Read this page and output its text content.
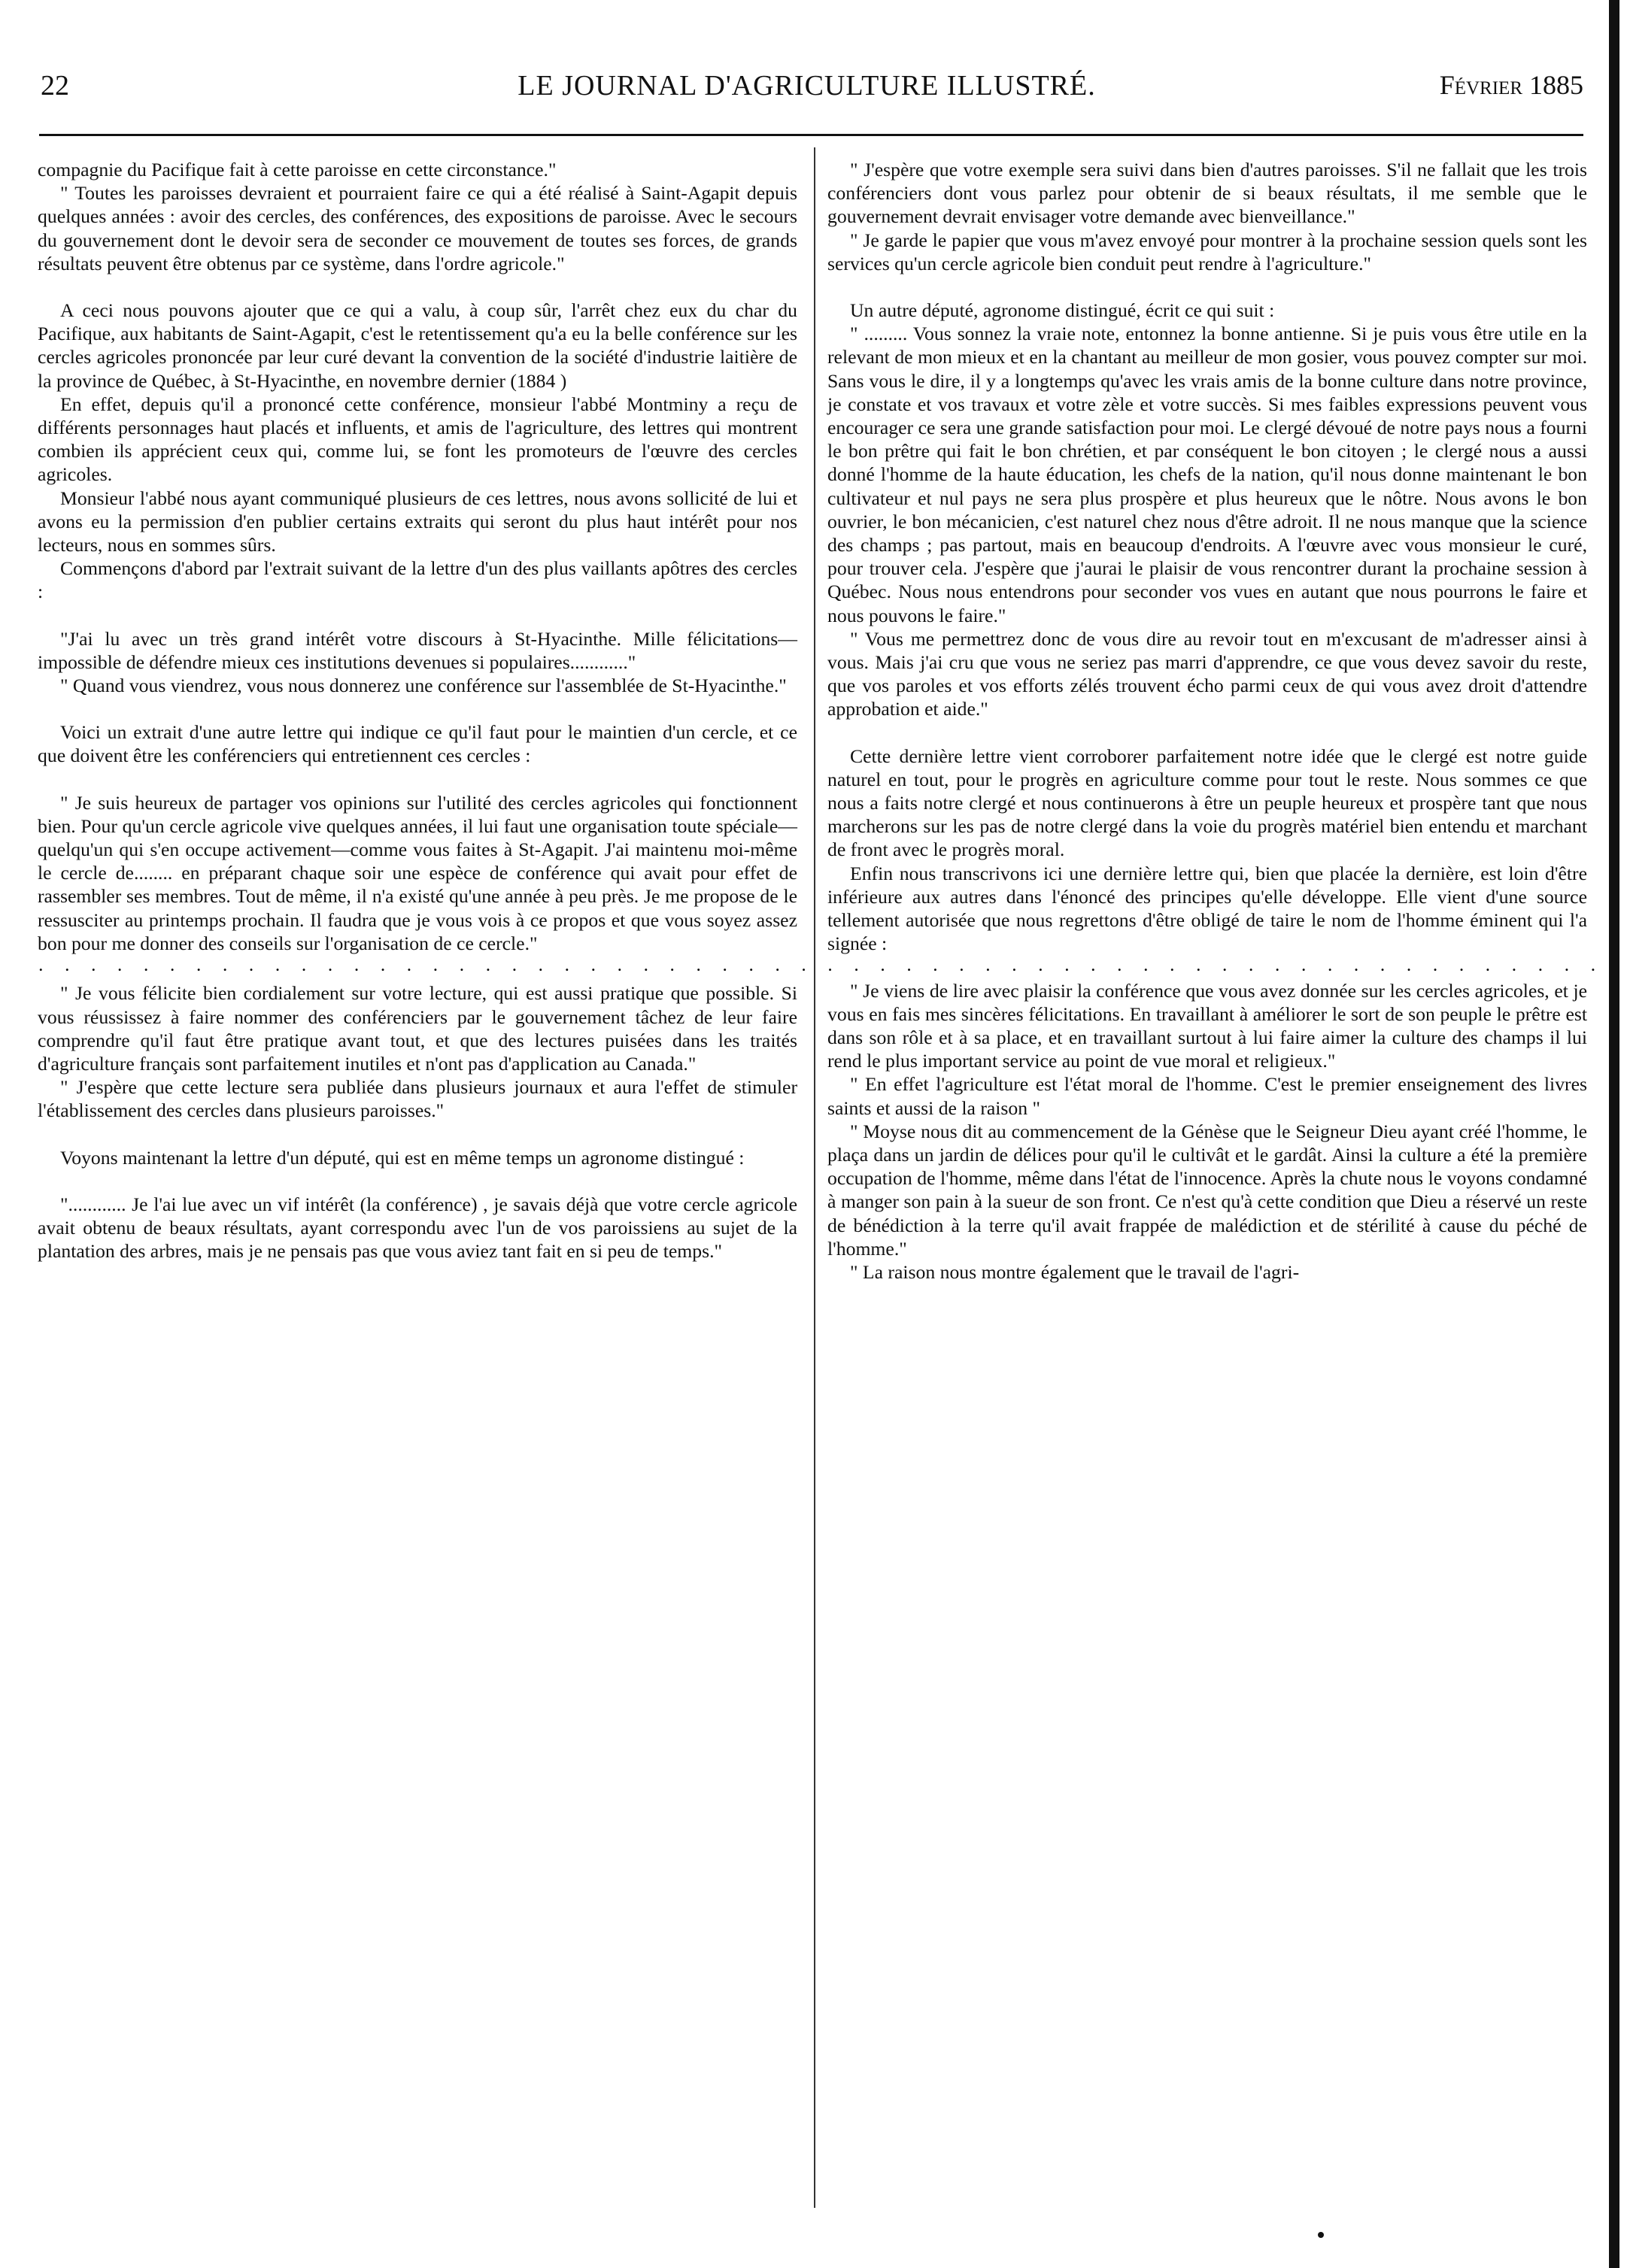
22	LE JOURNAL D'AGRICULTURE ILLUSTRÉ.	Février 1885

compagnie du Pacifique fait à cette paroisse en cette circonstance."

" Toutes les paroisses devraient et pourraient faire ce qui a été réalisé à Saint-Agapit depuis quelques années : avoir des cercles, des conférences, des expositions de paroisse. Avec le secours du gouvernement dont le devoir sera de seconder ce mouvement de toutes ses forces, de grands résultats peuvent être obtenus par ce système, dans l'ordre agricole."

A ceci nous pouvons ajouter que ce qui a valu, à coup sûr, l'arrêt chez eux du char du Pacifique, aux habitants de Saint-Agapit, c'est le retentissement qu'a eu la belle conférence sur les cercles agricoles prononcée par leur curé devant la convention de la société d'industrie laitière de la province de Québec, à St-Hyacinthe, en novembre dernier (1884 )

En effet, depuis qu'il a prononcé cette conférence, monsieur l'abbé Montminy a reçu de différents personnages haut placés et influents, et amis de l'agriculture, des lettres qui montrent combien ils apprécient ceux qui, comme lui, se font les promoteurs de l'œuvre des cercles agricoles.

Monsieur l'abbé nous ayant communiqué plusieurs de ces lettres, nous avons sollicité de lui et avons eu la permission d'en publier certains extraits qui seront du plus haut intérêt pour nos lecteurs, nous en sommes sûrs.

Commençons d'abord par l'extrait suivant de la lettre d'un des plus vaillants apôtres des cercles :

"J'ai lu avec un très grand intérêt votre discours à St-Hyacinthe. Mille félicitations—impossible de défendre mieux ces institutions devenues si populaires............"

" Quand vous viendrez, vous nous donnerez une conférence sur l'assemblée de St-Hyacinthe."

Voici un extrait d'une autre lettre qui indique ce qu'il faut pour le maintien d'un cercle, et ce que doivent être les conférenciers qui entretiennent ces cercles :

" Je suis heureux de partager vos opinions sur l'utilité des cercles agricoles qui fonctionnent bien. Pour qu'un cercle agricole vive quelques années, il lui faut une organisation toute spéciale—quelqu'un qui s'en occupe activement—comme vous faites à St-Agapit. J'ai maintenu moi-même le cercle de........ en préparant chaque soir une espèce de conférence qui avait pour effet de rassembler ses membres. Tout de même, il n'a existé qu'une année à peu près. Je me propose de le ressusciter au printemps prochain. Il faudra que je vous vois à ce propos et que vous soyez assez bon pour me donner des conseils sur l'organisation de ce cercle."

· · · · · · · · · · · · · · · · · · · · · · · · · · · · · · · · · · · · · · · · · · · · · · · · · · · · · · · · · · · ·

" Je vous félicite bien cordialement sur votre lecture, qui est aussi pratique que possible. Si vous réussissez à faire nommer des conférenciers par le gouvernement tâchez de leur faire comprendre qu'il faut être pratique avant tout, et que des lectures puisées dans les traités d'agriculture français sont parfaitement inutiles et n'ont pas d'application au Canada."

" J'espère que cette lecture sera publiée dans plusieurs journaux et aura l'effet de stimuler l'établissement des cercles dans plusieurs paroisses."

Voyons maintenant la lettre d'un député, qui est en même temps un agronome distingué :

"............ Je l'ai lue avec un vif intérêt (la conférence) , je savais déjà que votre cercle agricole avait obtenu de beaux résultats, ayant correspondu avec l'un de vos paroissiens au sujet de la plantation des arbres, mais je ne pensais pas que vous aviez tant fait en si peu de temps."

" J'espère que votre exemple sera suivi dans bien d'autres paroisses. S'il ne fallait que les trois conférenciers dont vous parlez pour obtenir de si beaux résultats, il me semble que le gouvernement devrait envisager votre demande avec bienveillance."

" Je garde le papier que vous m'avez envoyé pour montrer à la prochaine session quels sont les services qu'un cercle agricole bien conduit peut rendre à l'agriculture."

Un autre député, agronome distingué, écrit ce qui suit :

" ......... Vous sonnez la vraie note, entonnez la bonne antienne. Si je puis vous être utile en la relevant de mon mieux et en la chantant au meilleur de mon gosier, vous pouvez compter sur moi. Sans vous le dire, il y a longtemps qu'avec les vrais amis de la bonne culture dans notre province, je constate et vos travaux et votre zèle et votre succès. Si mes faibles expressions peuvent vous encourager ce sera une grande satisfaction pour moi. Le clergé dévoué de notre pays nous a fourni le bon prêtre qui fait le bon chrétien, et par conséquent le bon citoyen ; le clergé nous a aussi donné l'homme de la haute éducation, les chefs de la nation, qu'il nous donne maintenant le bon cultivateur et nul pays ne sera plus prospère et plus heureux que le nôtre. Nous avons le bon ouvrier, le bon mécanicien, c'est naturel chez nous d'être adroit. Il ne nous manque que la science des champs ; pas partout, mais en beaucoup d'endroits. A l'œuvre avec vous monsieur le curé, pour trouver cela. J'espère que j'aurai le plaisir de vous rencontrer durant la prochaine session à Québec. Nous nous entendrons pour seconder vos vues en autant que nous pourrons le faire et nous pouvons le faire."

" Vous me permettrez donc de vous dire au revoir tout en m'excusant de m'adresser ainsi à vous. Mais j'ai cru que vous ne seriez pas marri d'apprendre, ce que vous devez savoir du reste, que vos paroles et vos efforts zélés trouvent écho parmi ceux de qui vous avez droit d'attendre approbation et aide."

Cette dernière lettre vient corroborer parfaitement notre idée que le clergé est notre guide naturel en tout, pour le progrès en agriculture comme pour tout le reste. Nous sommes ce que nous a faits notre clergé et nous continuerons à être un peuple heureux et prospère tant que nous marcherons sur les pas de notre clergé dans la voie du progrès matériel bien entendu et marchant de front avec le progrès moral.

Enfin nous transcrivons ici une dernière lettre qui, bien que placée la dernière, est loin d'être inférieure aux autres dans l'énoncé des principes qu'elle développe. Elle vient d'une source tellement autorisée que nous regrettons d'être obligé de taire le nom de l'homme éminent qui l'a signée :

" Je viens de lire avec plaisir la conférence que vous avez donnée sur les cercles agricoles, et je vous en fais mes sincères félicitations. En travaillant à améliorer le sort de son peuple le prêtre est dans son rôle et à sa place, et en travaillant surtout à lui faire aimer la culture des champs il lui rend le plus important service au point de vue moral et religieux."

" En effet l'agriculture est l'état moral de l'homme. C'est le premier enseignement des livres saints et aussi de la raison "

" Moyse nous dit au commencement de la Génèse que le Seigneur Dieu ayant créé l'homme, le plaça dans un jardin de délices pour qu'il le cultivât et le gardât. Ainsi la culture a été la première occupation de l'homme, même dans l'état de l'innocence. Après la chute nous le voyons condamné à manger son pain à la sueur de son front. Ce n'est qu'à cette condition que Dieu a réservé un reste de bénédiction à la terre qu'il avait frappée de malédiction et de stérilité à cause du péché de l'homme."

" La raison nous montre également que le travail de l'agri-
